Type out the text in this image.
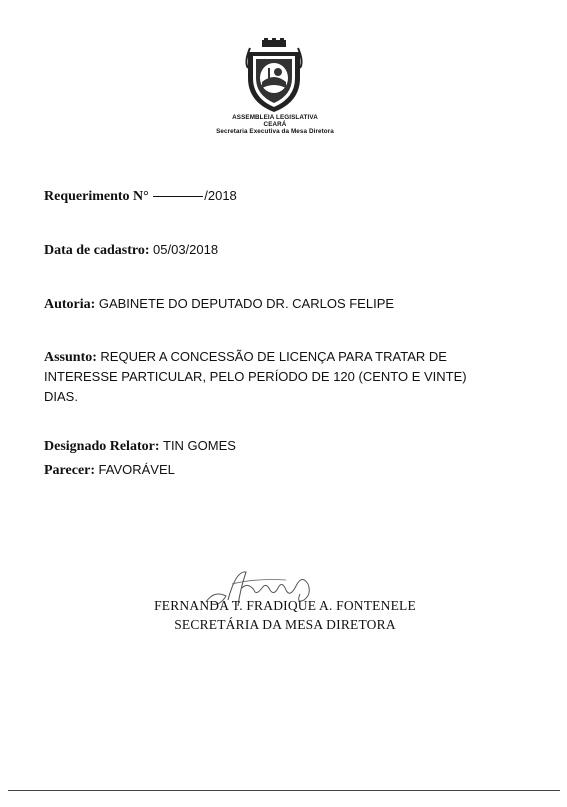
ASSEMBLEIA LEGISLATIVA
CEARÁ
Secretaria Executiva da Mesa Diretora
Requerimento N°	/2018
Data de cadastro: 05/03/2018
Autoria: GABINETE DO DEPUTADO DR. CARLOS FELIPE
Assunto: REQUER A CONCESSÃO DE LICENÇA PARA TRATAR DE INTERESSE PARTICULAR, PELO PERÍODO DE 120 (CENTO E VINTE) DIAS.
Designado Relator: TIN GOMES
Parecer: FAVORÁVEL
FERNANDA T. FRADIQUE A. FONTENELE
SECRETÁRIA DA MESA DIRETORA
